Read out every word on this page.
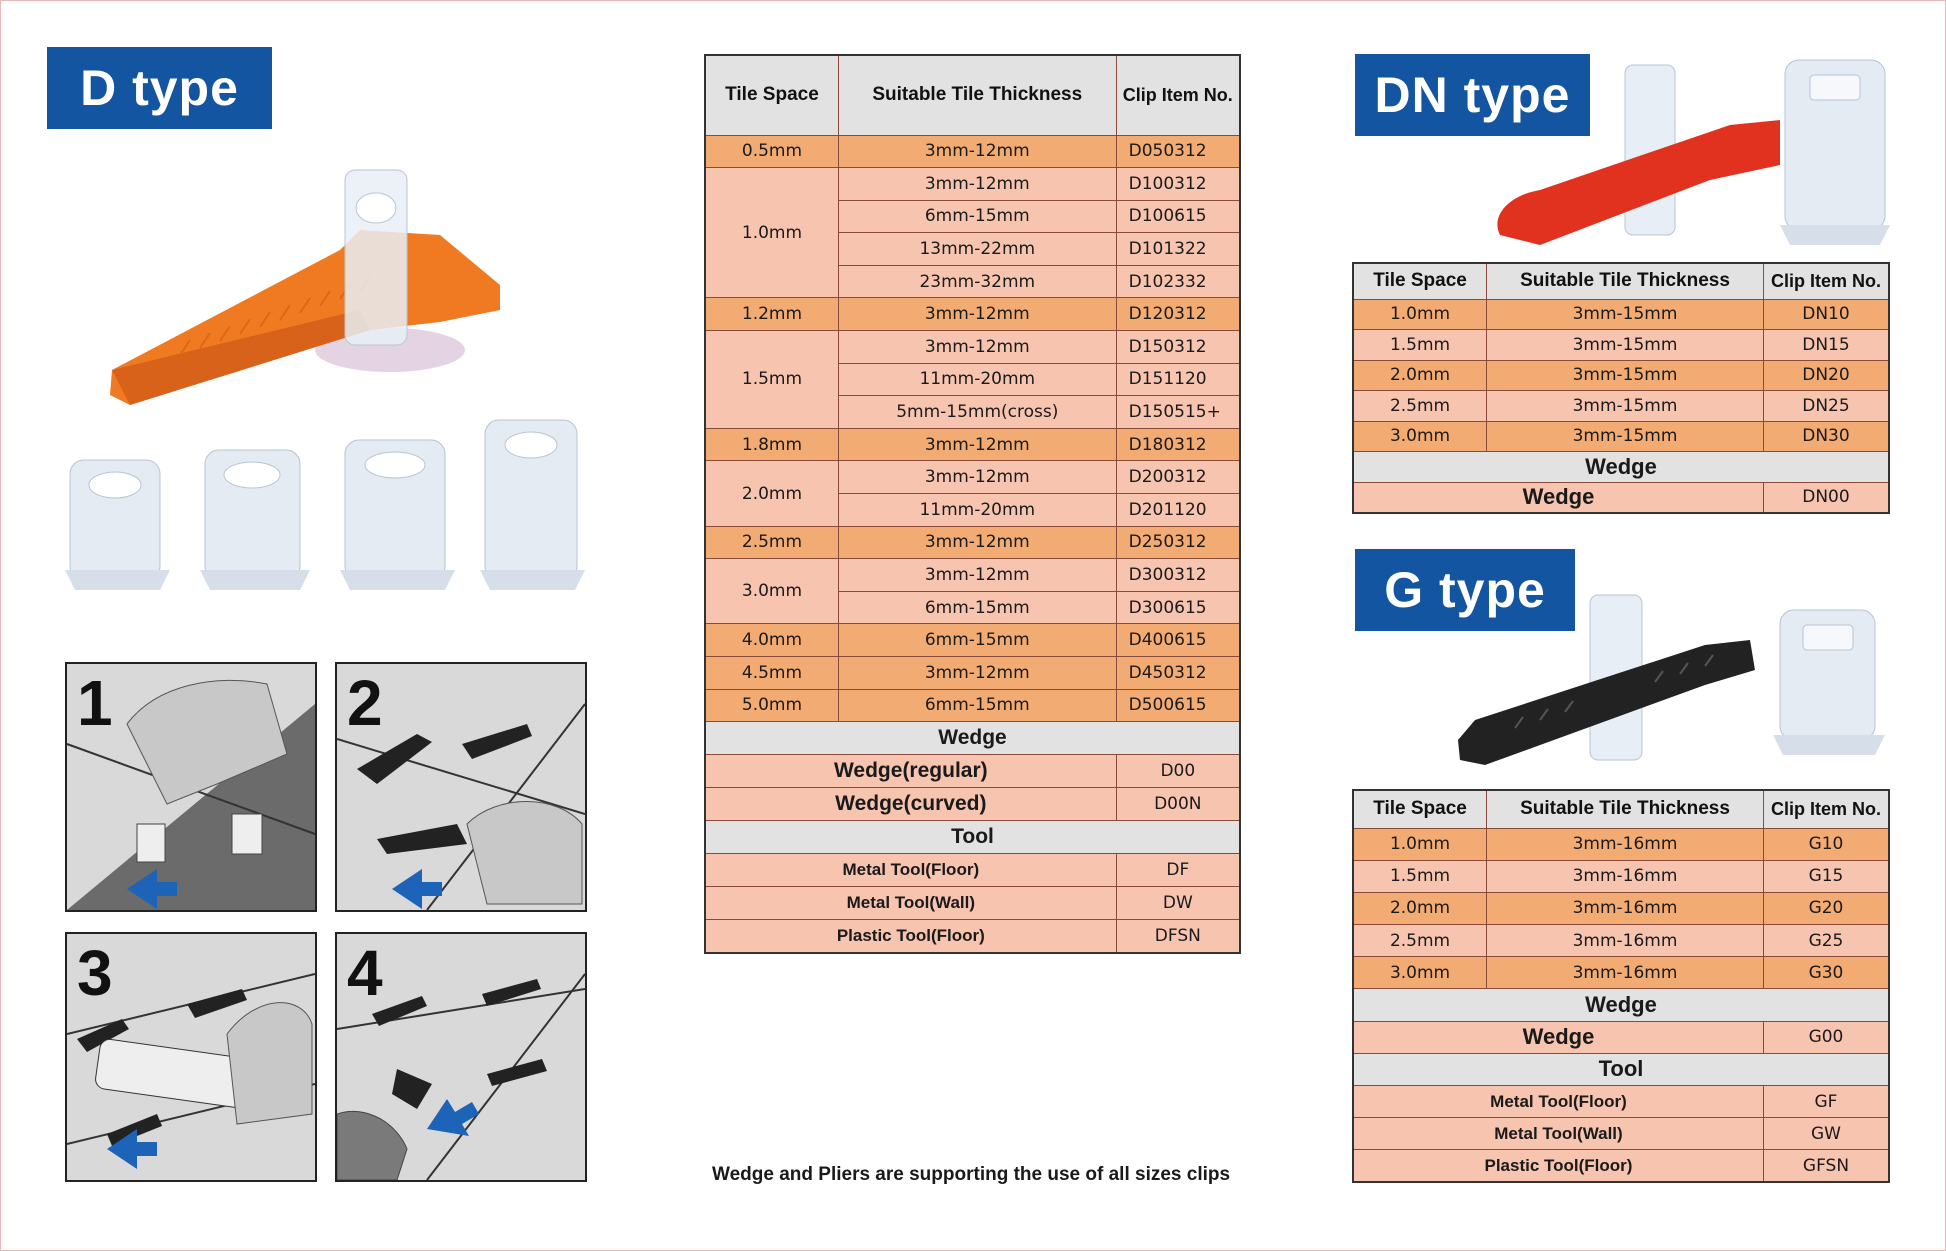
D type
1	2
3	4
Tile Space	Suitable Tile Thickness	Clip Item No.
0.5mm	3mm-12mm	D050312
1.0mm	3mm-12mm	D100312
	6mm-15mm	D100615
	13mm-22mm	D101322
	23mm-32mm	D102332
1.2mm	3mm-12mm	D120312
1.5mm	3mm-12mm	D150312
	11mm-20mm	D151120
	5mm-15mm(cross)	D150515+
1.8mm	3mm-12mm	D180312
2.0mm	3mm-12mm	D200312
	11mm-20mm	D201120
2.5mm	3mm-12mm	D250312
3.0mm	3mm-12mm	D300312
	6mm-15mm	D300615
4.0mm	6mm-15mm	D400615
4.5mm	3mm-12mm	D450312
5.0mm	6mm-15mm	D500615
Wedge		
Wedge(regular)		D00
Wedge(curved)		D00N
Tool		
Metal Tool(Floor)		DF
Metal Tool(Wall)		DW
Plastic Tool(Floor)		DFSN
Wedge and Pliers are supporting the use of all sizes clips
DN type
Tile Space	Suitable Tile Thickness	Clip Item No.
1.0mm	3mm-15mm	DN10
1.5mm	3mm-15mm	DN15
2.0mm	3mm-15mm	DN20
2.5mm	3mm-15mm	DN25
3.0mm	3mm-15mm	DN30
Wedge		
Wedge		DN00
G type
Tile Space	Suitable Tile Thickness	Clip Item No.
1.0mm	3mm-16mm	G10
1.5mm	3mm-16mm	G15
2.0mm	3mm-16mm	G20
2.5mm	3mm-16mm	G25
3.0mm	3mm-16mm	G30
Wedge		
Wedge		G00
Tool		
Metal Tool(Floor)		GF
Metal Tool(Wall)		GW
Plastic Tool(Floor)		GFSN
